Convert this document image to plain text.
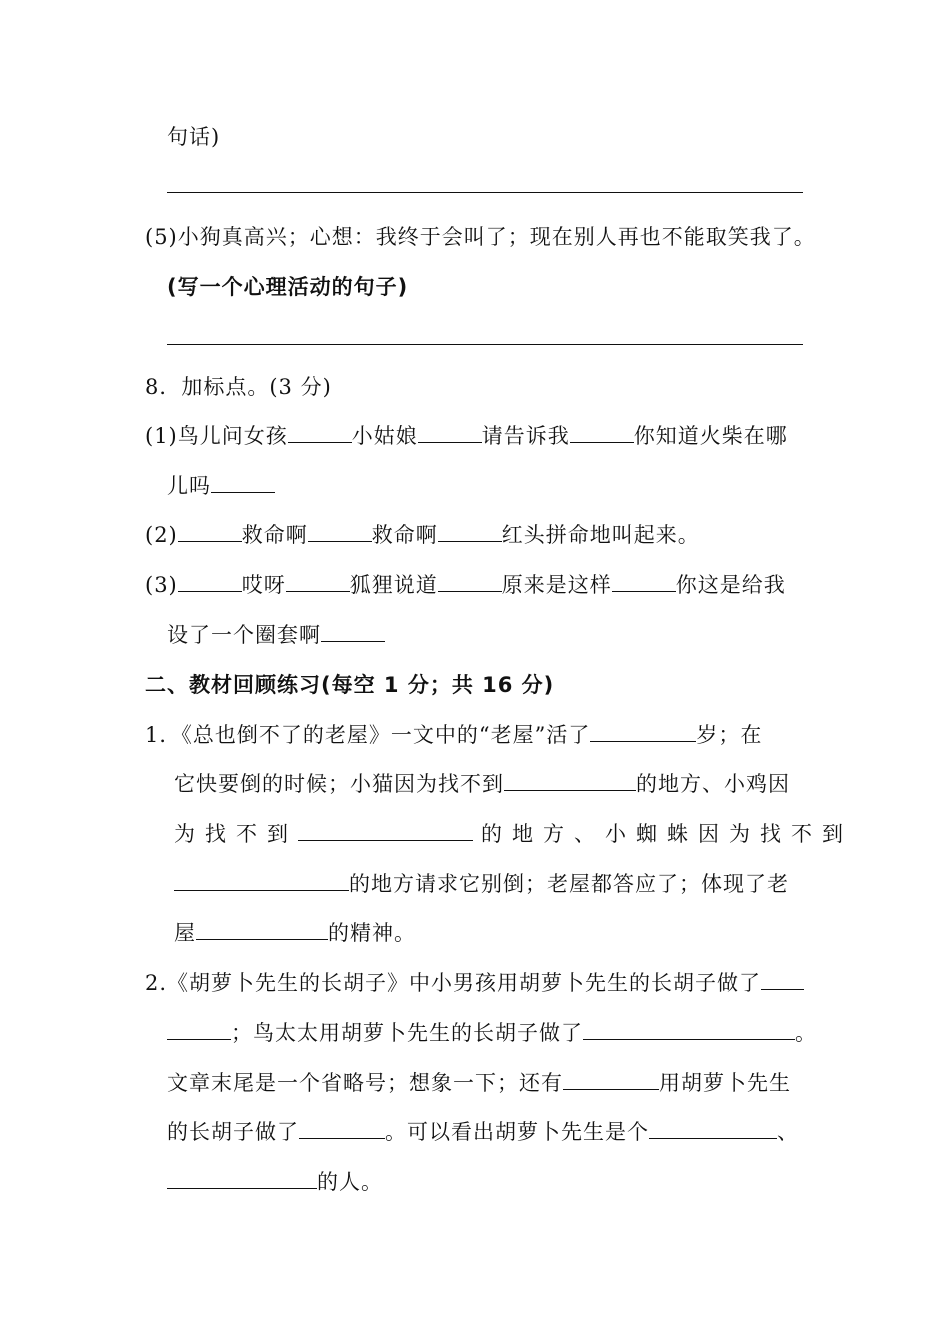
句话)
(5)小狗真高兴；心想：我终于会叫了；现在别人再也不能取笑我了。
(写一个心理活动的句子)
8．加标点。(3 分)
(1)鸟儿问女孩	小姑娘	请告诉我	你知道火柴在哪
儿吗
(2)	救命啊	救命啊	红头拼命地叫起来。
(3)	哎呀	狐狸说道	原来是这样	你这是给我
设了一个圈套啊
二、教材回顾练习(每空 1 分；共 16 分)
1．《总也倒不了的老屋》一文中的“老屋”活了	岁；在
它快要倒的时候；小猫因为找不到	的地方、小鸡因
为找不到	的地方、小蜘蛛因为找不到
的地方请求它别倒；老屋都答应了；体现了老
屋	的精神。
2.《胡萝卜先生的长胡子》中小男孩用胡萝卜先生的长胡子做了
；鸟太太用胡萝卜先生的长胡子做了	。
文章末尾是一个省略号；想象一下；还有	用胡萝卜先生
的长胡子做了	。可以看出胡萝卜先生是个	、
的人。
